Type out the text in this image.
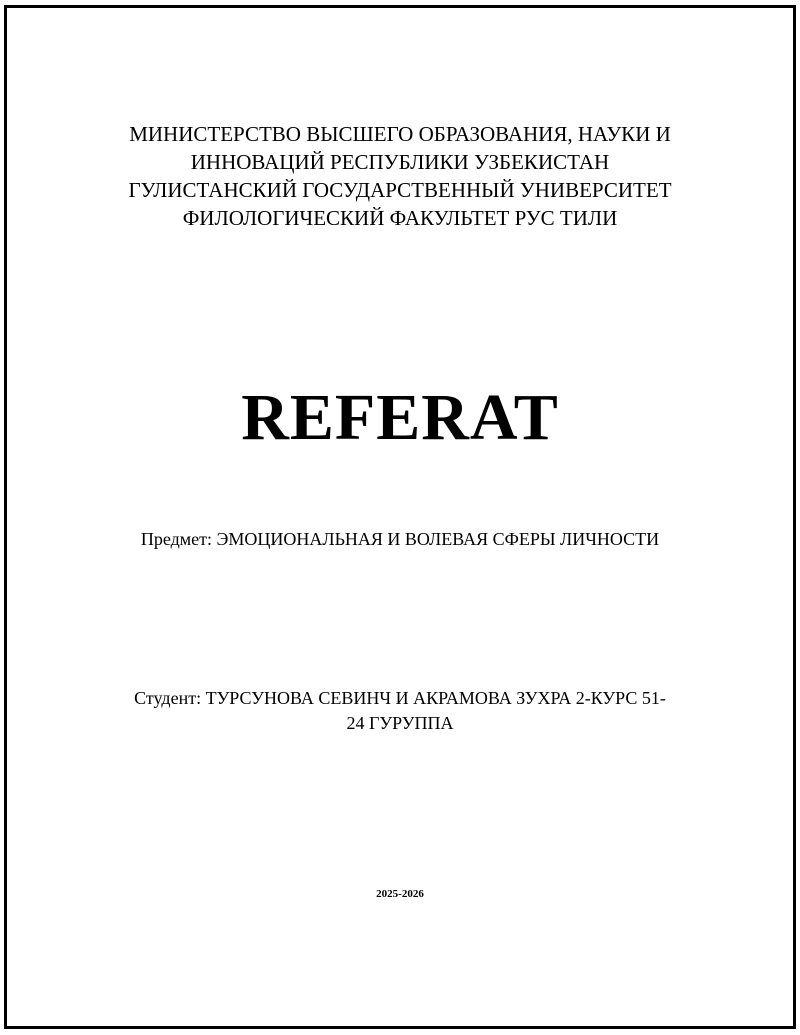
МИНИСТЕРСТВО ВЫСШЕГО ОБРАЗОВАНИЯ, НАУКИ И
ИННОВАЦИЙ РЕСПУБЛИКИ УЗБЕКИСТАН
ГУЛИСТАНСКИЙ ГОСУДАРСТВЕННЫЙ УНИВЕРСИТЕТ
ФИЛОЛОГИЧЕСКИЙ ФАКУЛЬТЕТ РУС ТИЛИ
REFERAT
Предмет: ЭМОЦИОНАЛЬНАЯ И ВОЛЕВАЯ СФЕРЫ ЛИЧНОСТИ
Студент: ТУРСУНОВА СЕВИНЧ И АКРАМОВА ЗУХРА 2-КУРС 51-
24 ГУРУППА
2025-2026
